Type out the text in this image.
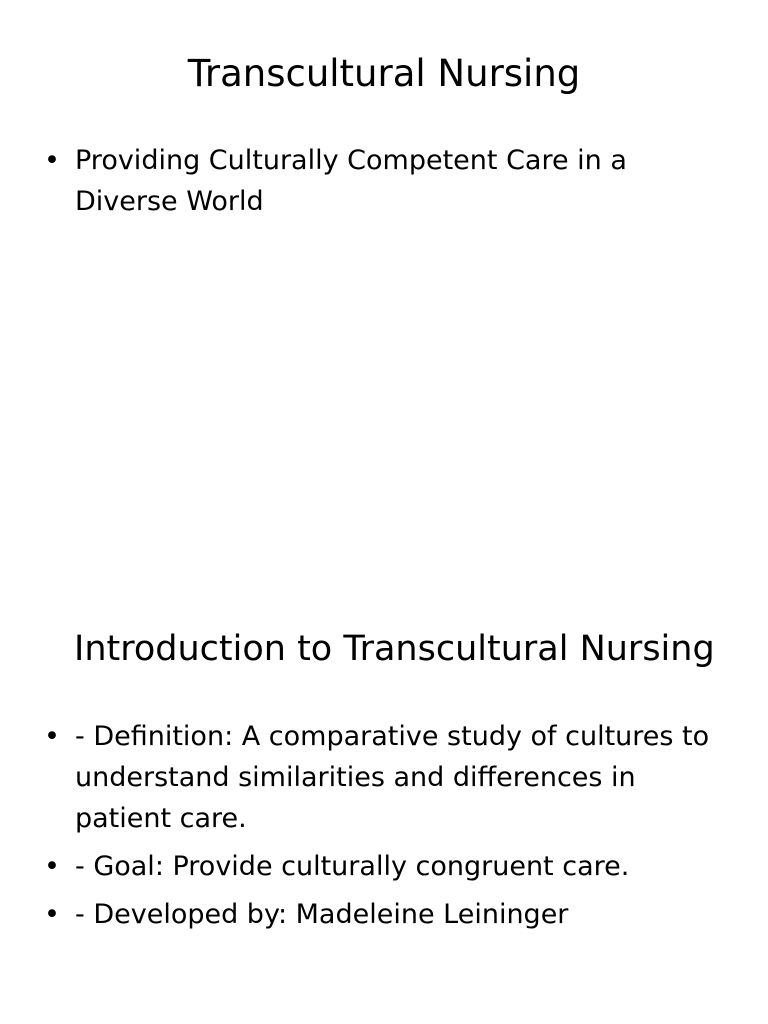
Transcultural Nursing
• Providing Culturally Competent Care in a Diverse World
Introduction to Transcultural Nursing
• - Definition: A comparative study of cultures to understand similarities and differences in patient care.
• - Goal: Provide culturally congruent care.
• - Developed by: Madeleine Leininger
